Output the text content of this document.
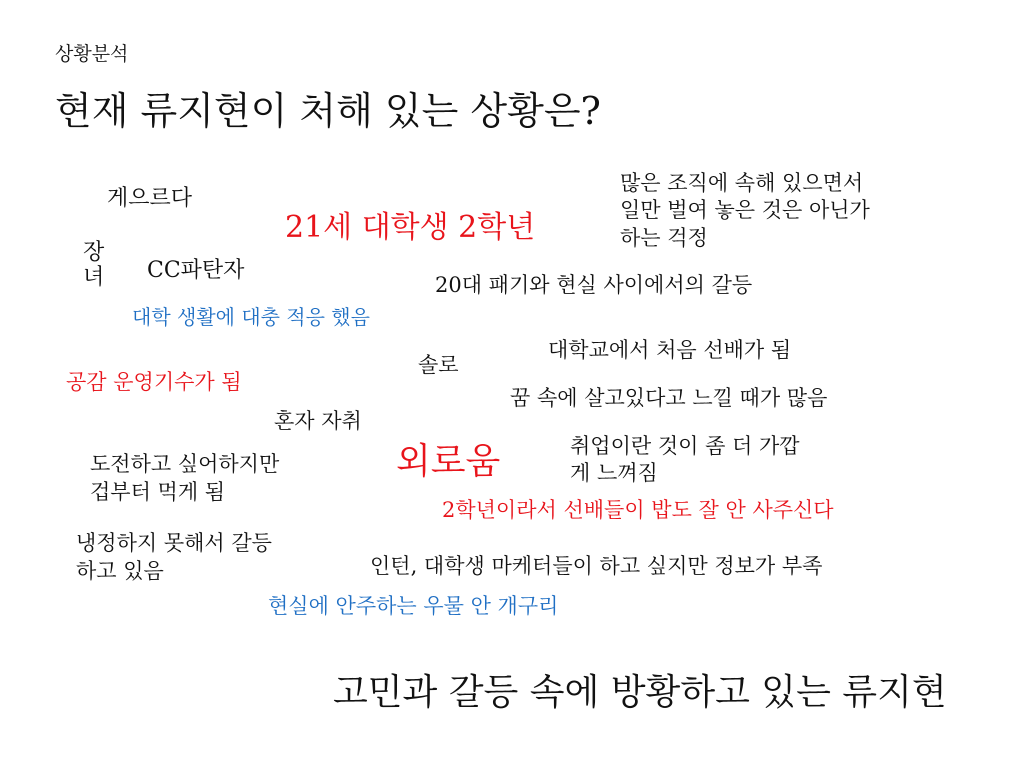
상황분석
현재 류지현이 처해 있는 상황은?
게으르다
장
녀 CC파탄자
21세 대학생 2학년
대학 생활에 대충 적응 했음
많은 조직에 속해 있으면서
일만 벌여 놓은 것은 아닌가
하는 걱정
20대 패기와 현실 사이에서의 갈등
대학교에서 처음 선배가 됨
솔로
공감 운영기수가 됨
꿈 속에 살고있다고 느낄 때가 많음
혼자 자취
외로움	취업이란 것이 좀 더 가깝
게 느껴짐
도전하고 싶어하지만
겁부터 먹게 됨
2학년이라서 선배들이 밥도 잘 안 사주신다
냉정하지 못해서 갈등
하고 있음	인턴, 대학생 마케터들이 하고 싶지만 정보가 부족
현실에 안주하는 우물 안 개구리
고민과 갈등 속에 방황하고 있는 류지현
